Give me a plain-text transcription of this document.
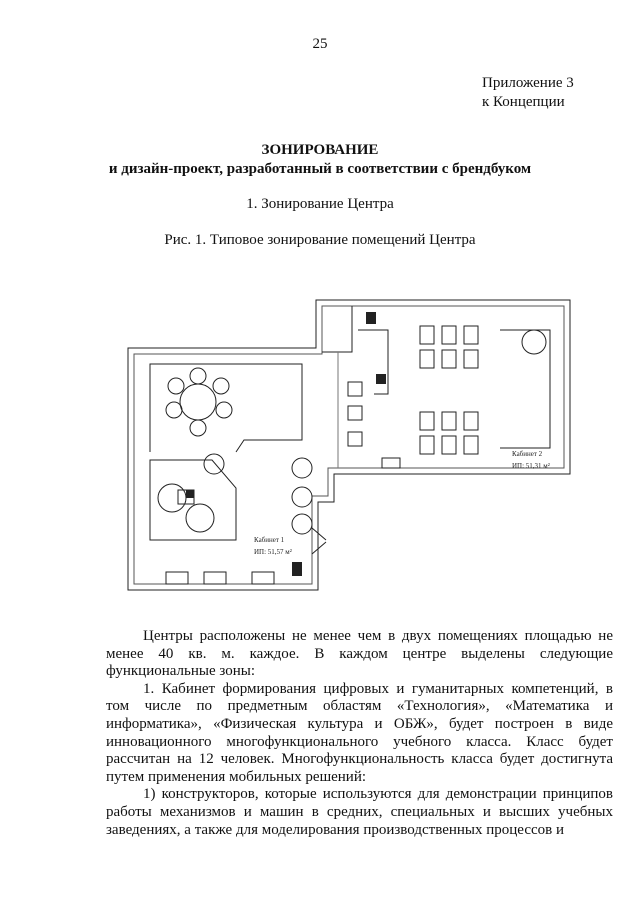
25
Приложение 3
к Концепции
ЗОНИРОВАНИЕ
и дизайн-проект, разработанный в соответствии с брендбуком
1. Зонирование Центра
Рис. 1. Типовое зонирование помещений Центра
Кабинет 1
ИП: 51,57 м²
Кабинет 2
ИП: 51,31 м²

Центры расположены не менее чем в двух помещениях площадью не менее 40 кв. м. каждое. В каждом центре выделены следующие функциональные зоны:

1. Кабинет формирования цифровых и гуманитарных компетенций, в том числе по предметным областям «Технология», «Математика и информатика», «Физическая культура и ОБЖ», будет построен в виде инновационного многофункционального учебного класса. Класс будет рассчитан на 12 человек. Многофункциональность класса будет достигнута путем применения мобильных решений:

1) конструкторов, которые используются для демонстрации принципов работы механизмов и машин в средних, специальных и высших учебных заведениях, а также для моделирования производственных процессов и
